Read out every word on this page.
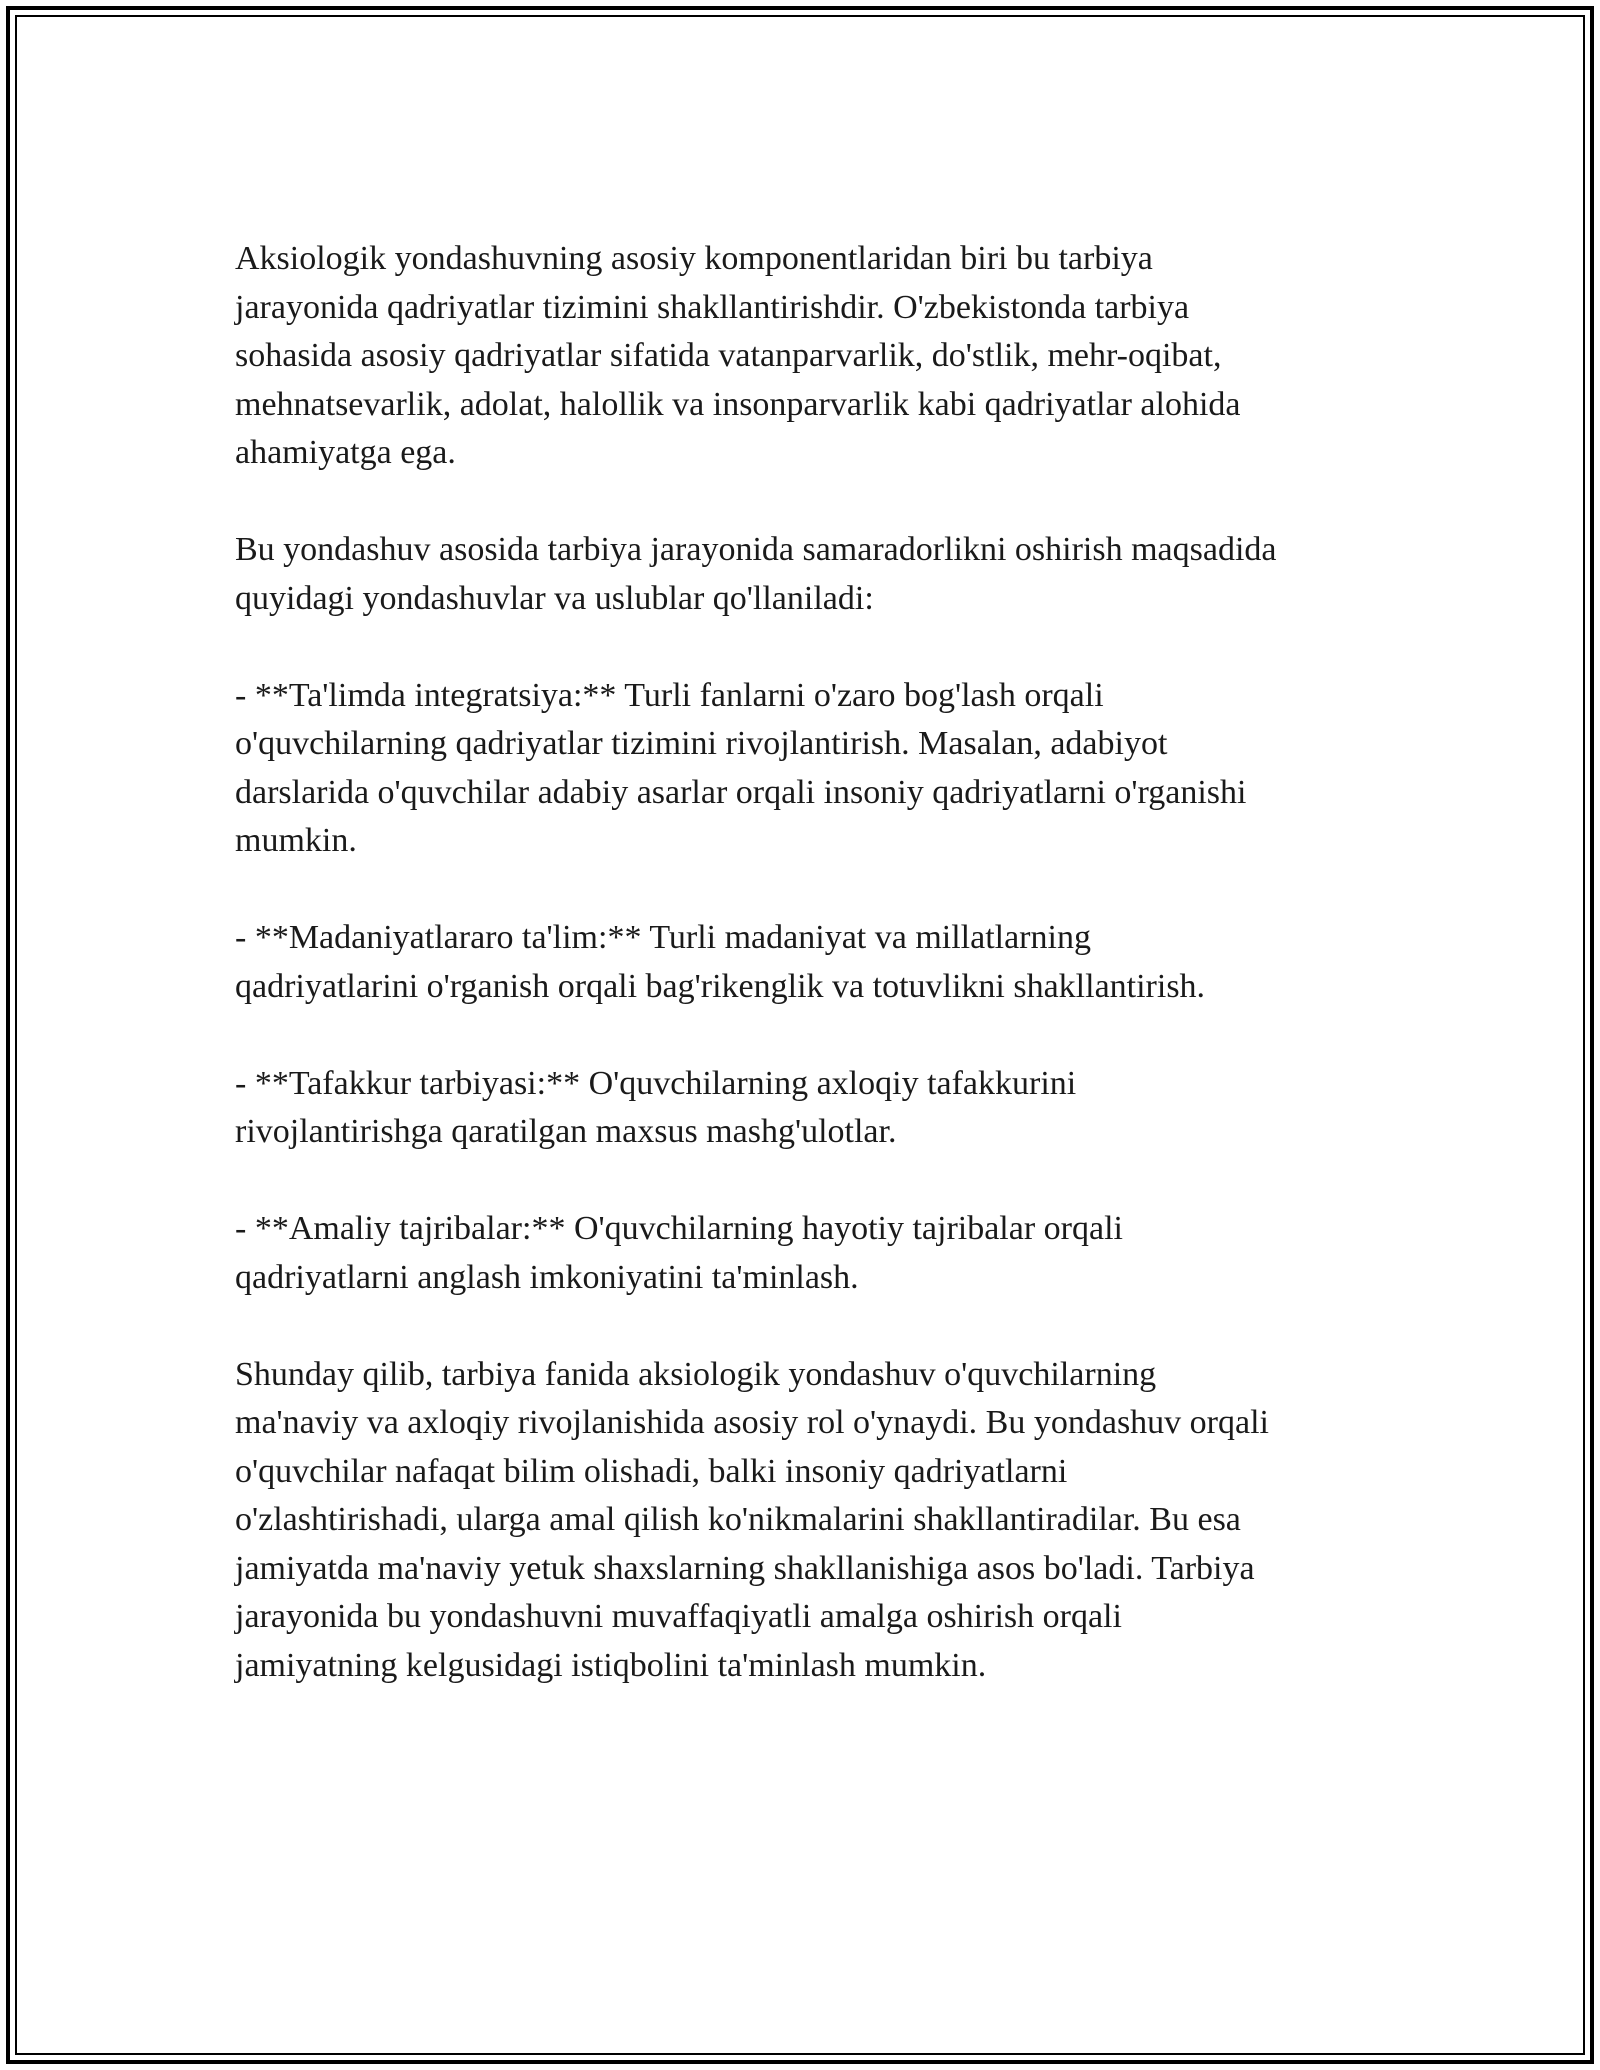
Aksiologik yondashuvning asosiy komponentlaridan biri bu tarbiya
jarayonida qadriyatlar tizimini shakllantirishdir. O'zbekistonda tarbiya
sohasida asosiy qadriyatlar sifatida vatanparvarlik, do'stlik, mehr-oqibat,
mehnatsevarlik, adolat, halollik va insonparvarlik kabi qadriyatlar alohida
ahamiyatga ega.

Bu yondashuv asosida tarbiya jarayonida samaradorlikni oshirish maqsadida
quyidagi yondashuvlar va uslublar qo'llaniladi:

- **Ta'limda integratsiya:** Turli fanlarni o'zaro bog'lash orqali
o'quvchilarning qadriyatlar tizimini rivojlantirish. Masalan, adabiyot
darslarida o'quvchilar adabiy asarlar orqali insoniy qadriyatlarni o'rganishi
mumkin.

- **Madaniyatlararo ta'lim:** Turli madaniyat va millatlarning
qadriyatlarini o'rganish orqali bag'rikenglik va totuvlikni shakllantirish.

- **Tafakkur tarbiyasi:** O'quvchilarning axloqiy tafakkurini
rivojlantirishga qaratilgan maxsus mashg'ulotlar.

- **Amaliy tajribalar:** O'quvchilarning hayotiy tajribalar orqali
qadriyatlarni anglash imkoniyatini ta'minlash.

Shunday qilib, tarbiya fanida aksiologik yondashuv o'quvchilarning
ma'naviy va axloqiy rivojlanishida asosiy rol o'ynaydi. Bu yondashuv orqali
o'quvchilar nafaqat bilim olishadi, balki insoniy qadriyatlarni
o'zlashtirishadi, ularga amal qilish ko'nikmalarini shakllantiradilar. Bu esa
jamiyatda ma'naviy yetuk shaxslarning shakllanishiga asos bo'ladi. Tarbiya
jarayonida bu yondashuvni muvaffaqiyatli amalga oshirish orqali
jamiyatning kelgusidagi istiqbolini ta'minlash mumkin.
